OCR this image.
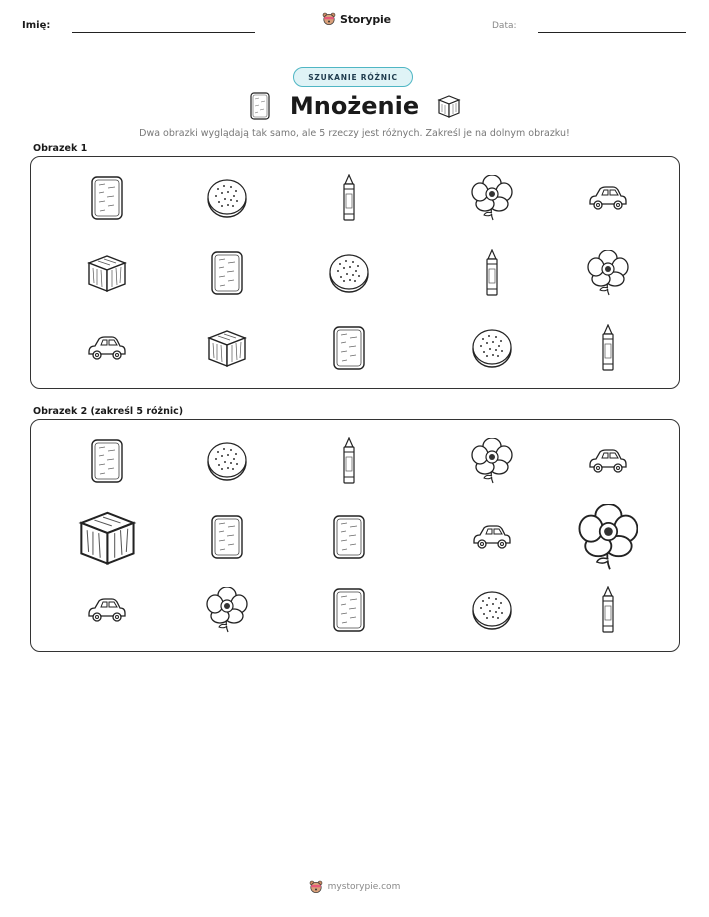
Imię:	Storypie
Data:
SZUKANIE RÓŻNIC
Mnożenie
Dwa obrazki wyglądają tak samo, ale 5 rzeczy jest różnych. Zakreśl je na dolnym obrazku!
Obrazek 1
Obrazek 2 (zakreśl 5 różnic)
mystorypie.com
